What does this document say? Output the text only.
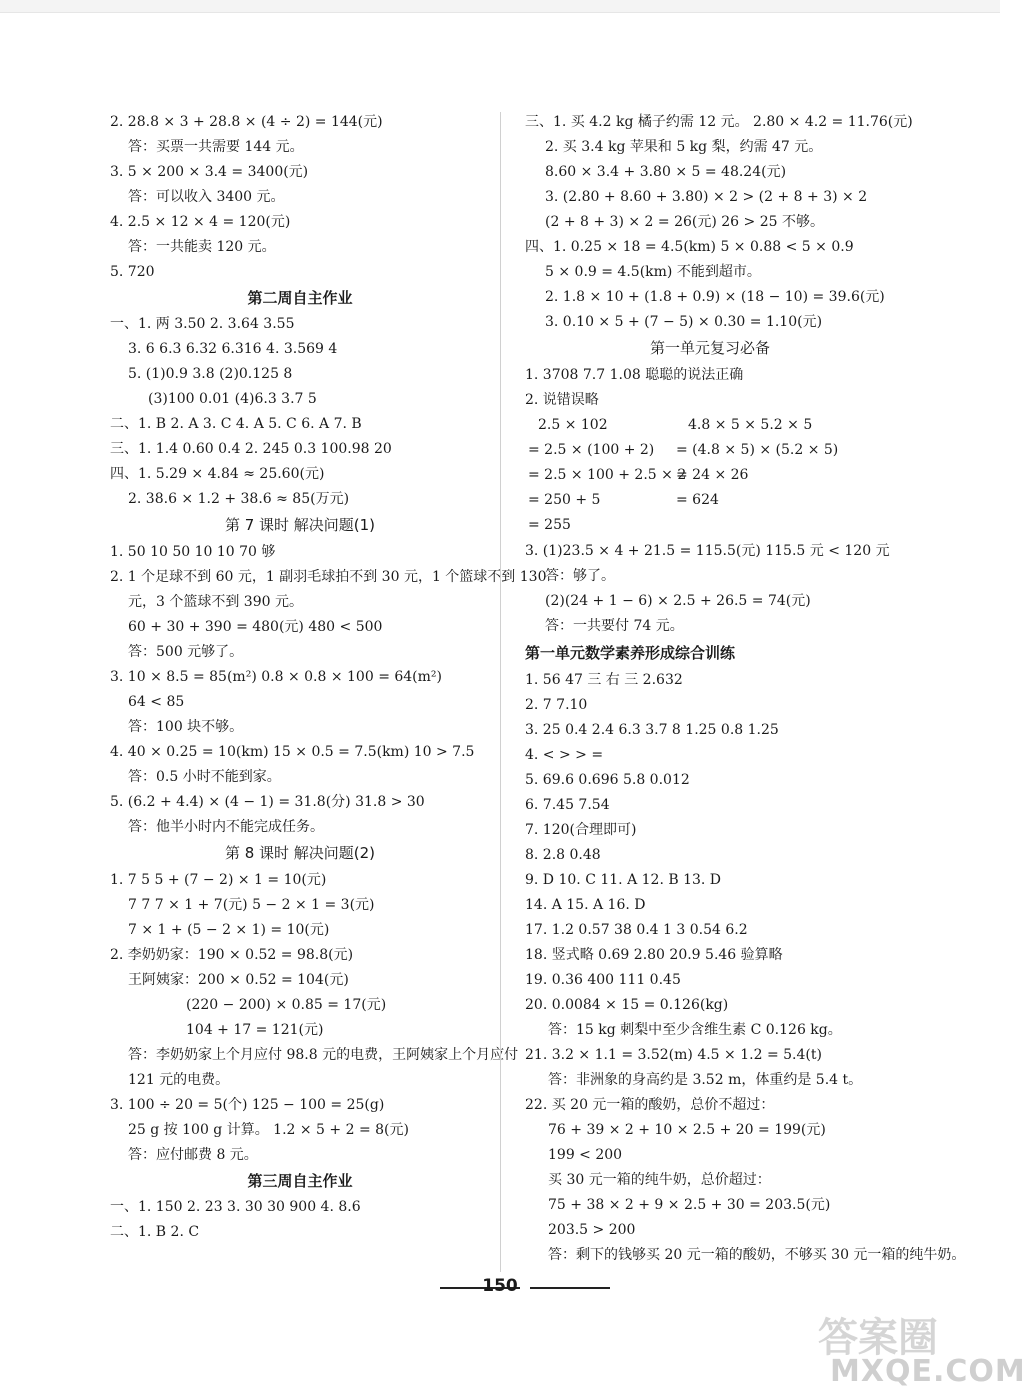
2. 28.8 × 3 + 28.8 × (4 ÷ 2) = 144(元)
答：买票一共需要 144 元。
3. 5 × 200 × 3.4 = 3400(元)
答：可以收入 3400 元。
4. 2.5 × 12 × 4 = 120(元)
答：一共能卖 120 元。
5. 720
第二周自主作业
一、1. 两 3.50 2. 3.64 3.55
3. 6 6.3 6.32 6.316 4. 3.569 4
5. (1)0.9 3.8 (2)0.125 8
(3)100 0.01 (4)6.3 3.7 5
二、1. B 2. A 3. C 4. A 5. C 6. A 7. B
三、1. 1.4 0.60 0.4 2. 245 0.3 100.98 20
四、1. 5.29 × 4.84 ≈ 25.60(元)
2. 38.6 × 1.2 + 38.6 ≈ 85(万元)
第 7 课时 解决问题(1)
1. 50 10 50 10 10 70 够
2. 1 个足球不到 60 元，1 副羽毛球拍不到 30 元，1 个篮球不到 130
元，3 个篮球不到 390 元。
60 + 30 + 390 = 480(元) 480 < 500
答：500 元够了。
3. 10 × 8.5 = 85(m²) 0.8 × 0.8 × 100 = 64(m²)
64 < 85
答：100 块不够。
4. 40 × 0.25 = 10(km) 15 × 0.5 = 7.5(km) 10 > 7.5
答：0.5 小时不能到家。
5. (6.2 + 4.4) × (4 − 1) = 31.8(分) 31.8 > 30
答：他半小时内不能完成任务。
第 8 课时 解决问题(2)
1. 7 5 5 + (7 − 2) × 1 = 10(元)
7 7 7 × 1 + 7(元) 5 − 2 × 1 = 3(元)
7 × 1 + (5 − 2 × 1) = 10(元)
2. 李奶奶家：190 × 0.52 = 98.8(元)
王阿姨家：200 × 0.52 = 104(元)
(220 − 200) × 0.85 = 17(元)
104 + 17 = 121(元)
答：李奶奶家上个月应付 98.8 元的电费，王阿姨家上个月应付
121 元的电费。
3. 100 ÷ 20 = 5(个) 125 − 100 = 25(g)
25 g 按 100 g 计算。 1.2 × 5 + 2 = 8(元)
答：应付邮费 8 元。
第三周自主作业
一、1. 150 2. 23 3. 30 30 900 4. 8.6
二、1. B 2. C
三、1. 买 4.2 kg 橘子约需 12 元。 2.80 × 4.2 = 11.76(元)
2. 买 3.4 kg 苹果和 5 kg 梨，约需 47 元。
8.60 × 3.4 + 3.80 × 5 = 48.24(元)
3. (2.80 + 8.60 + 3.80) × 2 > (2 + 8 + 3) × 2
(2 + 8 + 3) × 2 = 26(元) 26 > 25 不够。
四、1. 0.25 × 18 = 4.5(km) 5 × 0.88 < 5 × 0.9
5 × 0.9 = 4.5(km) 不能到超市。
2. 1.8 × 10 + (1.8 + 0.9) × (18 − 10) = 39.6(元)
3. 0.10 × 5 + (7 − 5) × 0.30 = 1.10(元)
第一单元复习必备
1. 3708 7.7 1.08 聪聪的说法正确
2. 说错误略
2.5 × 102
= 2.5 × (100 + 2)
= 2.5 × 100 + 2.5 × 2
= 250 + 5
= 255
4.8 × 5 × 5.2 × 5
= (4.8 × 5) × (5.2 × 5)
= 24 × 26
= 624
3. (1)23.5 × 4 + 21.5 = 115.5(元) 115.5 元 < 120 元
答：够了。
(2)(24 + 1 − 6) × 2.5 + 26.5 = 74(元)
答：一共要付 74 元。
第一单元数学素养形成综合训练
1. 56 47 三 右 三 2.632
2. 7 7.10
3. 25 0.4 2.4 6.3 3.7 8 1.25 0.8 1.25
4. < > > =
5. 69.6 0.696 5.8 0.012
6. 7.45 7.54
7. 120(合理即可)
8. 2.8 0.48
9. D 10. C 11. A 12. B 13. D
14. A 15. A 16. D
17. 1.2 0.57 38 0.4 1 3 0.54 6.2
18. 竖式略 0.69 2.80 20.9 5.46 验算略
19. 0.36 400 111 0.45
20. 0.0084 × 15 = 0.126(kg)
答：15 kg 刺梨中至少含维生素 C 0.126 kg。
21. 3.2 × 1.1 = 3.52(m) 4.5 × 1.2 = 5.4(t)
答：非洲象的身高约是 3.52 m，体重约是 5.4 t。
22. 买 20 元一箱的酸奶，总价不超过：
76 + 39 × 2 + 10 × 2.5 + 20 = 199(元)
199 < 200
买 30 元一箱的纯牛奶，总价超过：
75 + 38 × 2 + 9 × 2.5 + 30 = 203.5(元)
203.5 > 200
答：剩下的钱够买 20 元一箱的酸奶，不够买 30 元一箱的纯牛奶。
150
答案圈
MXQE.COM
